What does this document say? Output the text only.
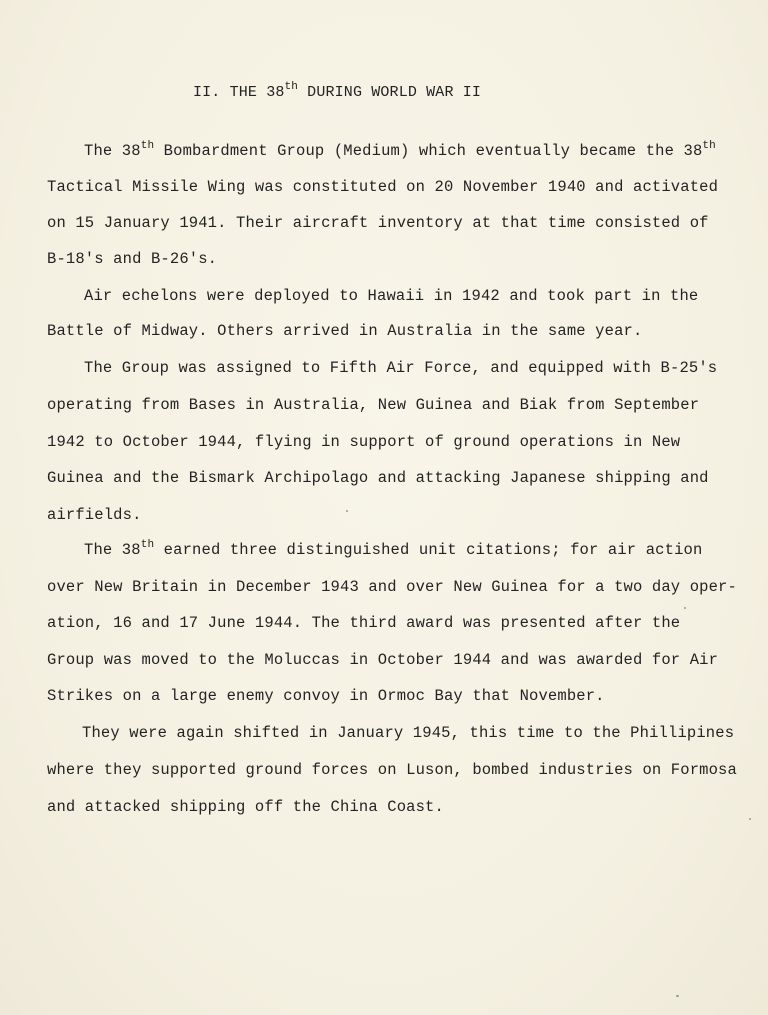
II. THE 38th DURING WORLD WAR II
The 38th Bombardment Group (Medium) which eventually became the 38th
Tactical Missile Wing was constituted on 20 November 1940 and activated
on 15 January 1941. Their aircraft inventory at that time consisted of
B-18's and B-26's.
Air echelons were deployed to Hawaii in 1942 and took part in the
Battle of Midway. Others arrived in Australia in the same year.
The Group was assigned to Fifth Air Force, and equipped with B-25's
operating from Bases in Australia, New Guinea and Biak from September
1942 to October 1944, flying in support of ground operations in New
Guinea and the Bismark Archipolago and attacking Japanese shipping and
airfields.
The 38th earned three distinguished unit citations; for air action
over New Britain in December 1943 and over New Guinea for a two day oper-
ation, 16 and 17 June 1944. The third award was presented after the
Group was moved to the Moluccas in October 1944 and was awarded for Air
Strikes on a large enemy convoy in Ormoc Bay that November.
They were again shifted in January 1945, this time to the Phillipines
where they supported ground forces on Luson, bombed industries on Formosa
and attacked shipping off the China Coast.
